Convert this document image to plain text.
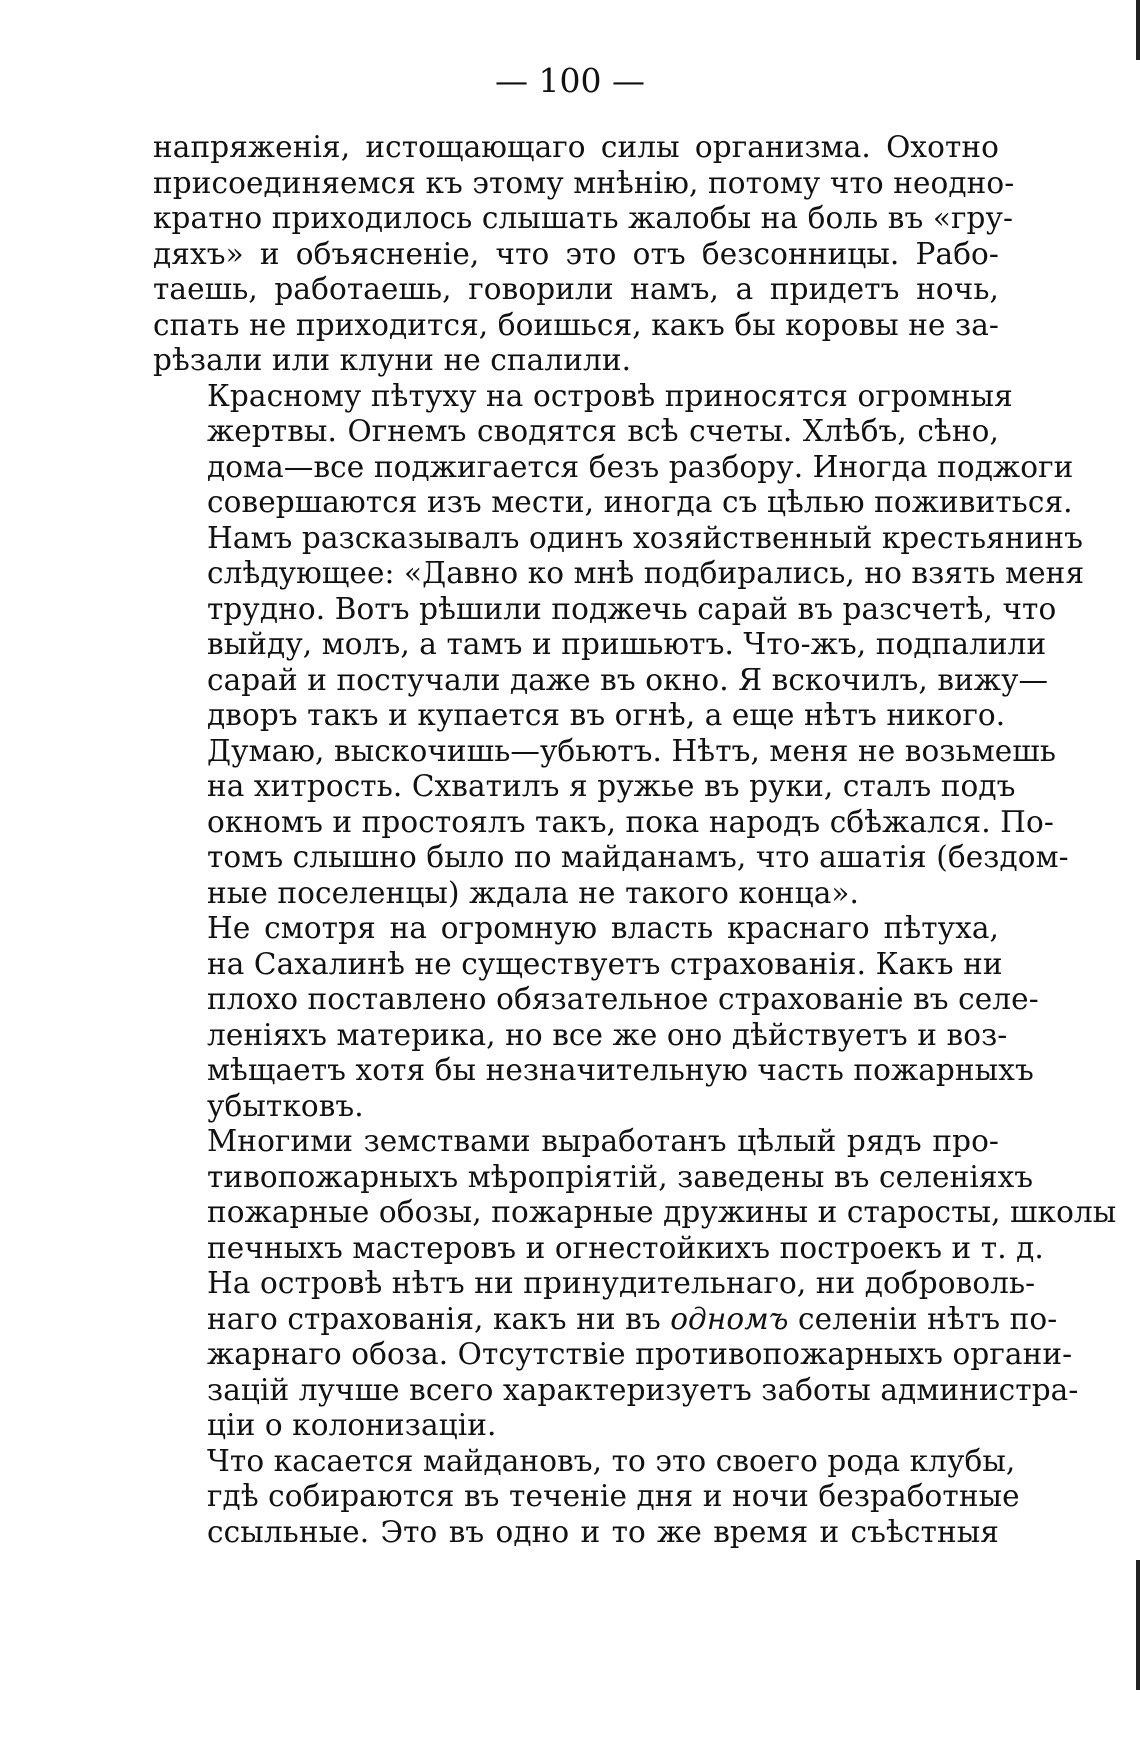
— 100 —

напряженія, истощающаго силы организма. Охотно
присоединяемся къ этому мнѣнію, потому что неодно-
кратно приходилось слышать жалобы на боль въ «гру-
дяхъ» и объясненіе, что это отъ безсонницы. Рабо-
таешь, работаешь, говорили намъ, а придетъ ночь,
спать не приходится, боишься, какъ бы коровы не за-
рѣзали или клуни не спалили.

Красному пѣтуху на островѣ приносятся огромныя
жертвы. Огнемъ сводятся всѣ счеты. Хлѣбъ, сѣно,
дома—все поджигается безъ разбору. Иногда поджоги
совершаются изъ мести, иногда съ цѣлью поживиться.
Намъ разсказывалъ одинъ хозяйственный крестьянинъ
слѣдующее: «Давно ко мнѣ подбирались, но взять меня
трудно. Вотъ рѣшили поджечь сарай въ разсчетѣ, что
выйду, молъ, а тамъ и пришьютъ. Что-жъ, подпалили
сарай и постучали даже въ окно. Я вскочилъ, вижу—
дворъ такъ и купается въ огнѣ, а еще нѣтъ никого.
Думаю, выскочишь—убьютъ. Нѣтъ, меня не возьмешь
на хитрость. Схватилъ я ружье въ руки, сталъ подъ
окномъ и простоялъ такъ, пока народъ сбѣжался. По-
томъ слышно было по майданамъ, что ашатія (бездом-
ные поселенцы) ждала не такого конца».

Не смотря на огромную власть краснаго пѣтуха,
на Сахалинѣ не существуетъ страхованія. Какъ ни
плохо поставлено обязательное страхованіе въ селе-
леніяхъ материка, но все же оно дѣйствуетъ и воз-
мѣщаетъ хотя бы незначительную часть пожарныхъ
убытковъ.

Многими земствами выработанъ цѣлый рядъ про-
тивопожарныхъ мѣропріятій, заведены въ селеніяхъ
пожарные обозы, пожарные дружины и старосты, школы
печныхъ мастеровъ и огнестойкихъ построекъ и т. д.
На островѣ нѣтъ ни принудительнаго, ни доброволь-
наго страхованія, какъ ни въ одномъ селеніи нѣтъ по-
жарнаго обоза. Отсутствіе противопожарныхъ органи-
зацій лучше всего характеризуетъ заботы администра-
ціи о колонизаціи.

Что касается майдановъ, то это своего рода клубы,
гдѣ собираются въ теченіе дня и ночи безработные
ссыльные. Это въ одно и то же время и съѣстныя
